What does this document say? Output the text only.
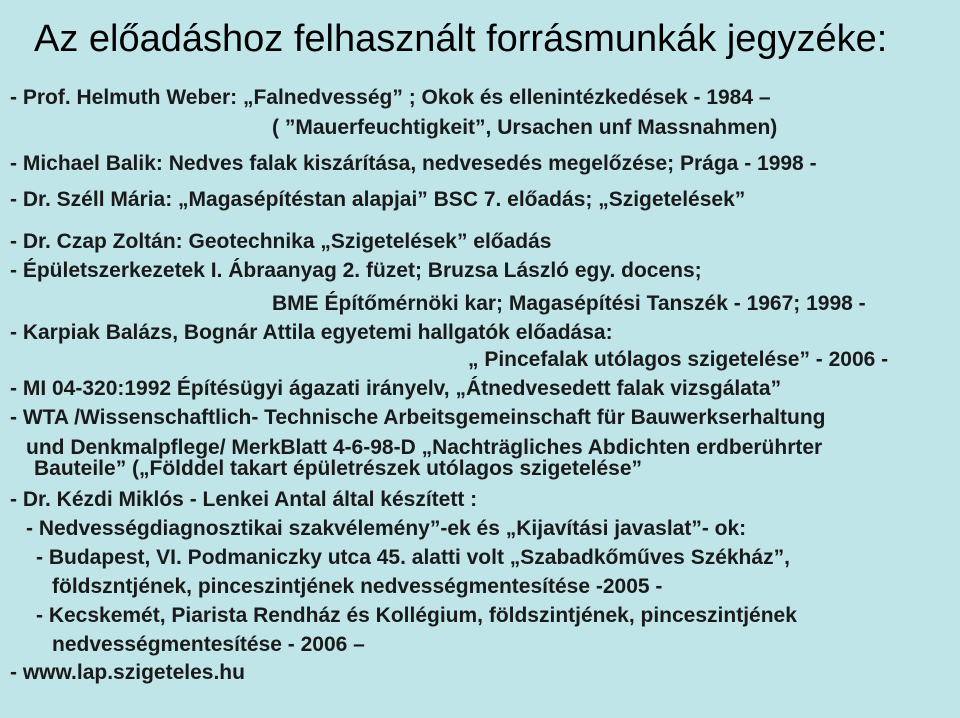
Az előadáshoz felhasznált forrásmunkák jegyzéke:

- Prof. Helmuth Weber: „Falnedvesség” ; Okok és ellenintézkedések - 1984 –

( ”Mauerfeuchtigkeit”, Ursachen unf Massnahmen)

- Michael Balik: Nedves falak kiszárítása, nedvesedés megelőzése; Prága - 1998 -

- Dr. Széll Mária: „Magasépítéstan alapjai” BSC 7. előadás; „Szigetelések”

- Dr. Czap Zoltán: Geotechnika „Szigetelések” előadás

- Épületszerkezetek I. Ábraanyag 2. füzet; Bruzsa László egy. docens;

BME Építőmérnöki kar; Magasépítési Tanszék - 1967; 1998 -

- Karpiak Balázs, Bognár Attila egyetemi hallgatók előadása:

„ Pincefalak utólagos szigetelése” - 2006 -

- MI 04-320:1992 Építésügyi ágazati irányelv, „Átnedvesedett falak vizsgálata”

- WTA /Wissenschaftlich- Technische Arbeitsgemeinschaft für Bauwerkserhaltung

und Denkmalpflege/ MerkBlatt 4-6-98-D „Nachträgliches Abdichten erdberührter

Bauteile” („Földdel takart épületrészek utólagos szigetelése”

- Dr. Kézdi Miklós - Lenkei Antal által készített :

- Nedvességdiagnosztikai szakvélemény”-ek és „Kijavítási javaslat”- ok:

- Budapest, VI. Podmaniczky utca 45. alatti volt „Szabadkőműves Székház”,

földszntjének, pinceszintjének nedvességmentesítése -2005 -

- Kecskemét, Piarista Rendház és Kollégium, földszintjének, pinceszintjének

nedvességmentesítése - 2006 –

- www.lap.szigeteles.hu
